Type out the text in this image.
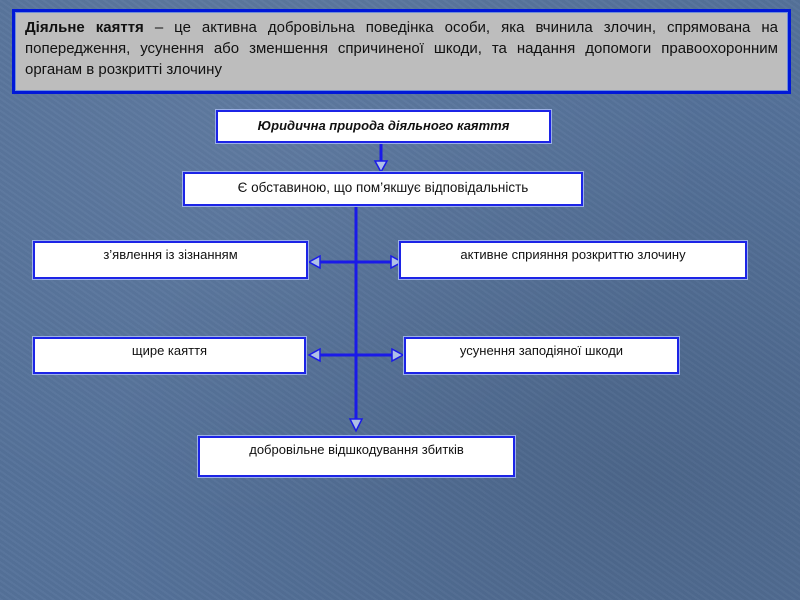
Діяльне каяття – це активна добровільна поведінка особи, яка вчинила злочин, спрямована на попередження, усунення або зменшення спричиненої шкоди, та надання допомоги правоохоронним органам в розкритті злочину
Юридична природа діяльного каяття
Є обставиною, що пом’якшує відповідальність
з’явлення із зізнанням	активне сприяння розкриттю злочину
щире каяття	усунення заподіяної шкоди
добровільне відшкодування збитків
